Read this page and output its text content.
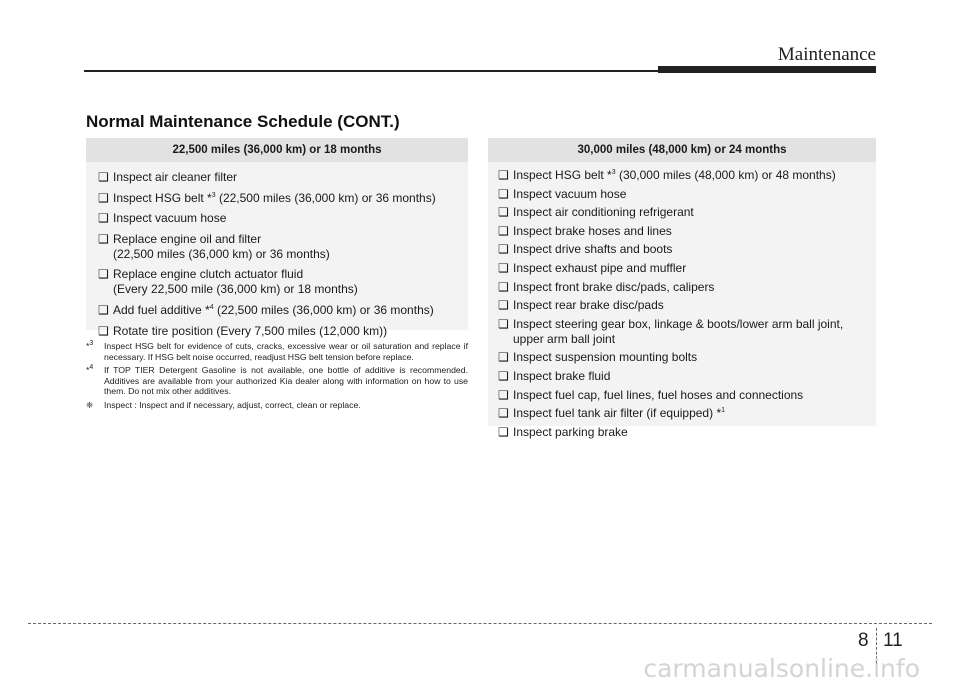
Maintenance
Normal Maintenance Schedule (CONT.)
22,500 miles (36,000 km) or 18 months
❑ Inspect air cleaner filter
❑ Inspect HSG belt *$^3$ (22,500 miles (36,000 km) or 36 months)
❑ Inspect vacuum hose
❑ Replace engine oil and filter
(22,500 miles (36,000 km) or 36 months)
❑ Replace engine clutch actuator fluid
(Every 22,500 mile (36,000 km) or 18 months)
❑ Add fuel additive *$^4$ (22,500 miles (36,000 km) or 36 months)
❑ Rotate tire position (Every 7,500 miles (12,000 km))
*$^3$	Inspect HSG belt for evidence of cuts, cracks, excessive wear or oil saturation and replace if necessary. If HSG belt noise occurred, readjust HSG belt tension before replace.
*$^4$	If TOP TIER Detergent Gasoline is not available, one bottle of additive is recommended. Additives are available from your authorized Kia dealer along with information on how to use them. Do not mix other additives.
❈	Inspect : Inspect and if necessary, adjust, correct, clean or replace.
30,000 miles (48,000 km) or 24 months
❑ Inspect HSG belt *$^3$ (30,000 miles (48,000 km) or 48 months)
❑ Inspect vacuum hose
❑ Inspect air conditioning refrigerant
❑ Inspect brake hoses and lines
❑ Inspect drive shafts and boots
❑ Inspect exhaust pipe and muffler
❑ Inspect front brake disc/pads, calipers
❑ Inspect rear brake disc/pads
❑ Inspect steering gear box, linkage & boots/lower arm ball joint,
upper arm ball joint
❑ Inspect suspension mounting bolts
❑ Inspect brake fluid
❑ Inspect fuel cap, fuel lines, fuel hoses and connections
❑ Inspect fuel tank air filter (if equipped) *$^1$
❑ Inspect parking brake
8 11
carmanualsonline.info
